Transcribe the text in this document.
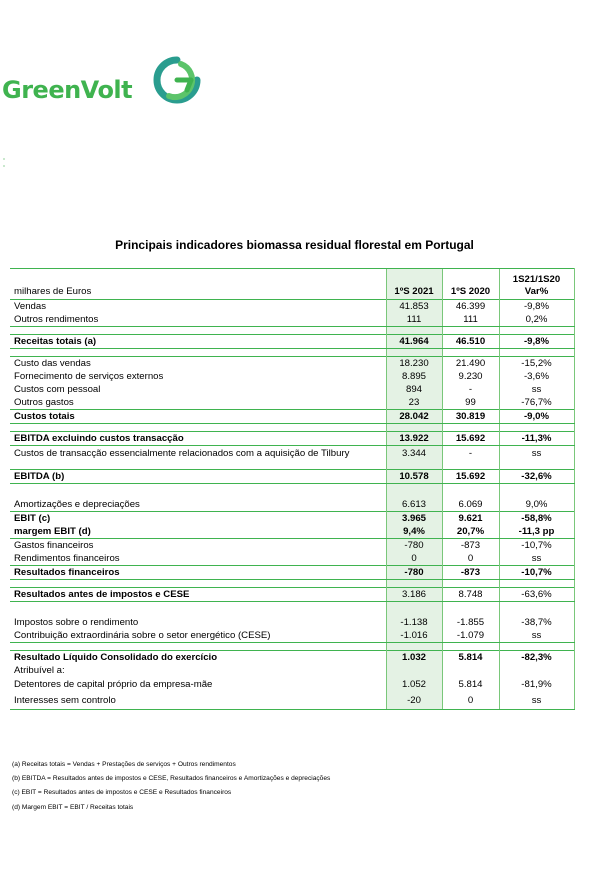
GreenVolt
Principais indicadores biomassa residual florestal em Portugal
milhares de Euros	1ºS 2021	1ºS 2020	1S21/1S20
Var%
Vendas	41.853	46.399	-9,8%
Outros rendimentos	111	111	0,2%

Receitas totais (a)	41.964	46.510	-9,8%

Custo das vendas	18.230	21.490	-15,2%
Fornecimento de serviços externos	8.895	9.230	-3,6%
Custos com pessoal	894	-	ss
Outros gastos	23	99	-76,7%
Custos totais	28.042	30.819	-9,0%

EBITDA excluindo custos transacção	13.922	15.692	-11,3%
Custos de transacção essencialmente relacionados com a aquisição de Tilbury	3.344	-	ss

EBITDA (b)	10.578	15.692	-32,6%

Amortizações e depreciações	6.613	6.069	9,0%
EBIT (c)	3.965	9.621	-58,8%
margem EBIT (d)	9,4%	20,7%	-11,3 pp
Gastos financeiros	-780	-873	-10,7%
Rendimentos financeiros	0	0	ss
Resultados financeiros	-780	-873	-10,7%

Resultados antes de impostos e CESE	3.186	8.748	-63,6%

Impostos sobre o rendimento	-1.138	-1.855	-38,7%
Contribuição extraordinária sobre o setor energético (CESE)	-1.016	-1.079	ss

Resultado Líquido Consolidado do exercício	1.032	5.814	-82,3%
Atribuível a:			
Detentores de capital próprio da empresa-mãe	1.052	5.814	-81,9%
Interesses sem controlo	-20	0	ss
(a) Receitas totais = Vendas + Prestações de serviços + Outros rendimentos
(b) EBITDA = Resultados antes de impostos e CESE, Resultados financeiros e Amortizações e depreciações
(c) EBIT = Resultados antes de impostos e CESE e Resultados financeiros
(d) Margem EBIT = EBIT / Receitas totais
